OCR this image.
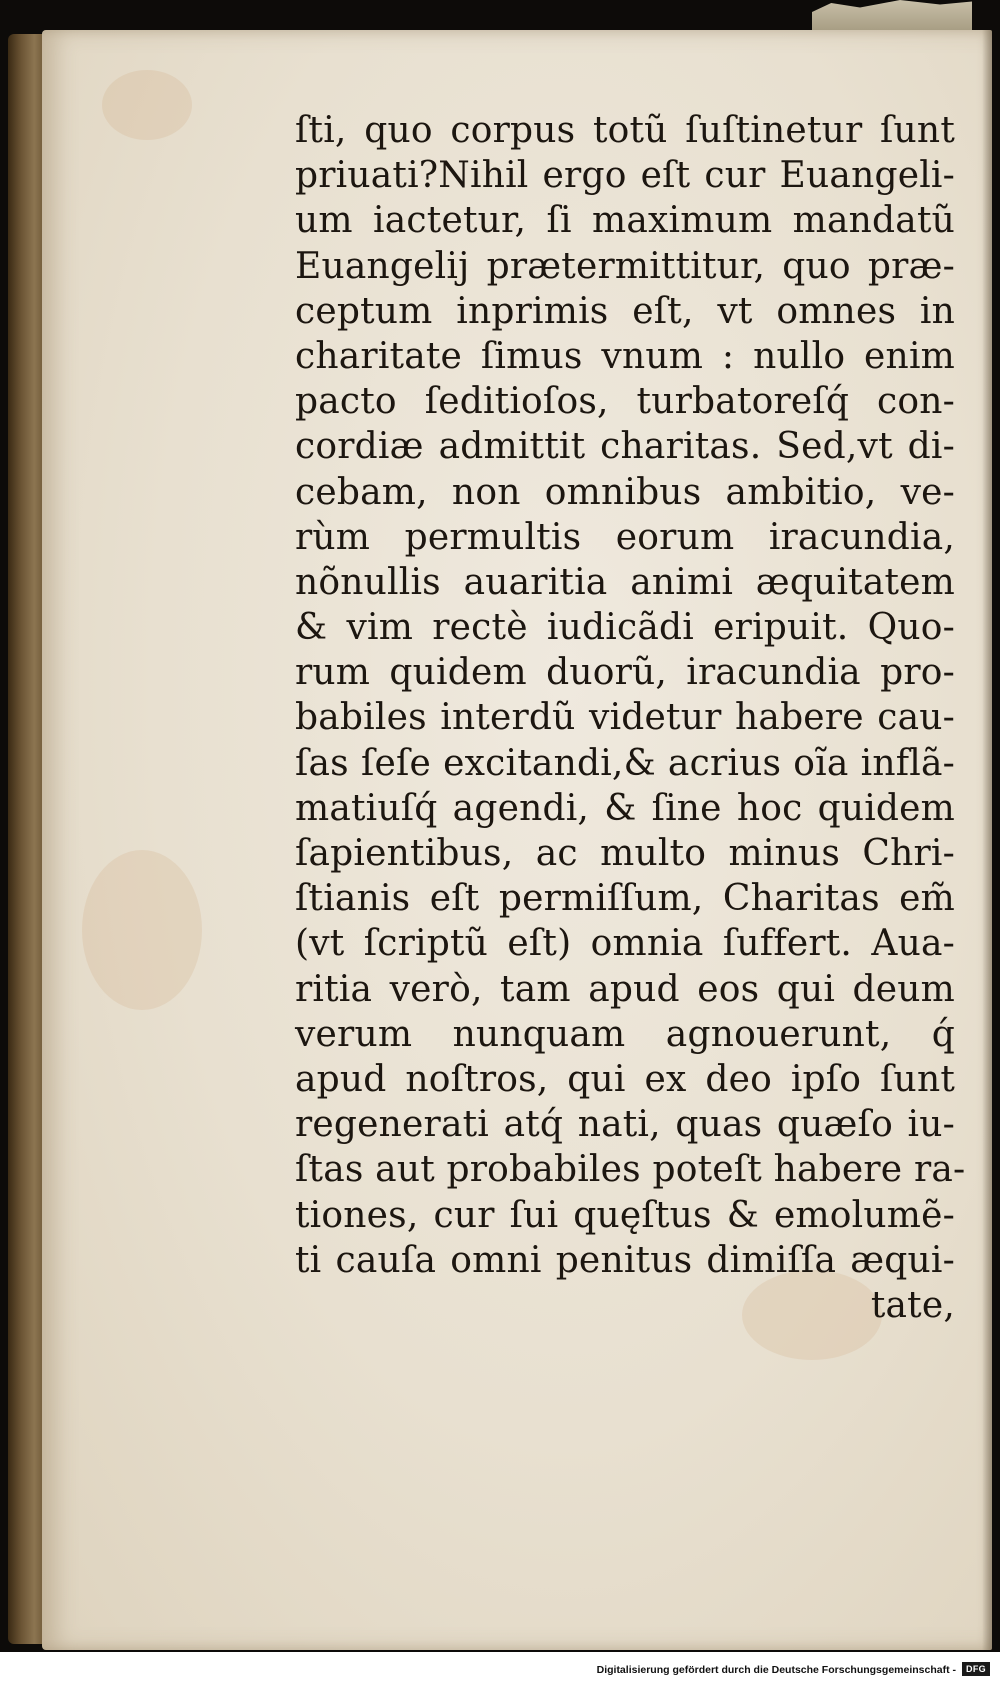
ſti, quo corpus totũ ſuſtinetur ſunt
priuati?Nihil ergo eſt cur Euangeli-
um iactetur, ſi maximum mandatũ
Euangelij prætermittitur, quo præ-
ceptum inprimis eſt, vt omnes in
charitate ſimus vnum : nullo enim
pacto ſeditioſos, turbatoreſq́ con-
cordiæ admittit charitas. Sed,vt di-
cebam, non omnibus ambitio, ve-
rùm permultis eorum iracundia,
nõnullis auaritia animi æquitatem
& vim rectè iudicãdi eripuit. Quo-
rum quidem duorũ, iracundia pro-
babiles interdũ videtur habere cau-
ſas ſeſe excitandi,& acrius oĩa inflã-
matiuſq́ agendi, & ſine hoc quidem
ſapientibus, ac multo minus Chri-
ſtianis eſt permiſſum, Charitas em̃
(vt ſcriptũ eſt) omnia ſuffert. Aua-
ritia verò, tam apud eos qui deum
verum nunquam agnouerunt, q́
apud noſtros, qui ex deo ipſo ſunt
regenerati atq́ nati, quas quæſo iu-
ſtas aut probabiles poteſt habere ra-
tiones, cur ſui quęſtus & emolumẽ-
ti cauſa omni penitus dimiſſa æqui-
tate,
Digitalisierung gefördert durch die Deutsche Forschungsgemeinschaft -	DFG
